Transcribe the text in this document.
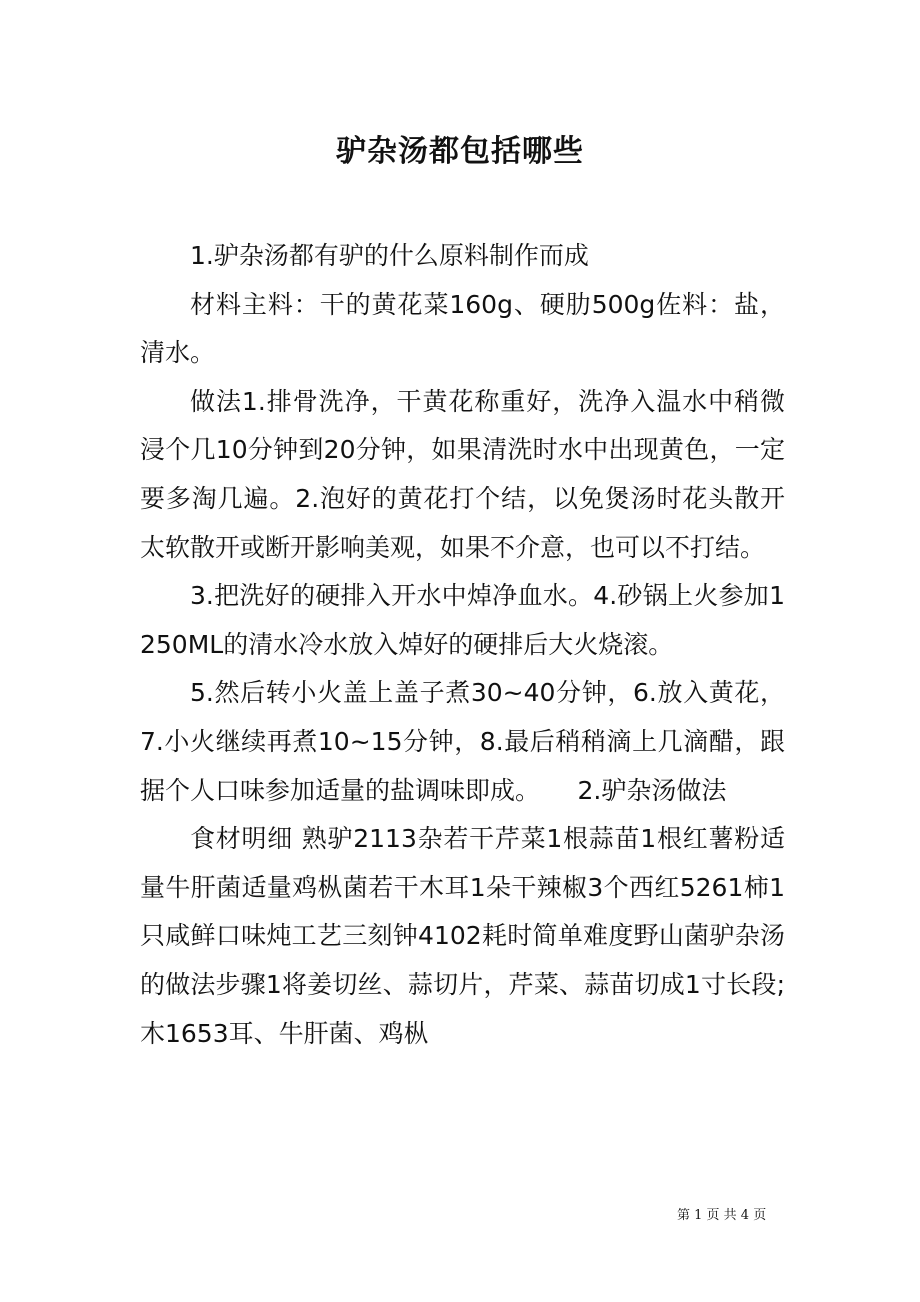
驴杂汤都包括哪些

1.驴杂汤都有驴的什么原料制作而成

材料主料：干的黄花菜160g、硬肋500g佐料：盐，清水。

做法1.排骨洗净，干黄花称重好，洗净入温水中稍微浸个几10分钟到20分钟，如果清洗时水中出现黄色，一定要多淘几遍。2.泡好的黄花打个结，以免煲汤时花头散开太软散开或断开影响美观，如果不介意，也可以不打结。

3.把洗好的硬排入开水中焯净血水。4.砂锅上火参加1250ML的清水冷水放入焯好的硬排后大火烧滚。

5.然后转小火盖上盖子煮30~40分钟，6.放入黄花，7.小火继续再煮10~15分钟，8.最后稍稍滴上几滴醋，跟据个人口味参加适量的盐调味即成。　　2.驴杂汤做法

食材明细 熟驴2113杂若干芹菜1根蒜苗1根红薯粉适量牛肝菌适量鸡枞菌若干木耳1朵干辣椒3个西红5261柿1只咸鲜口味炖工艺三刻钟4102耗时简单难度野山菌驴杂汤的做法步骤1将姜切丝、蒜切片，芹菜、蒜苗切成1寸长段;木1653耳、牛肝菌、鸡枞

第 1 页 共 4 页
